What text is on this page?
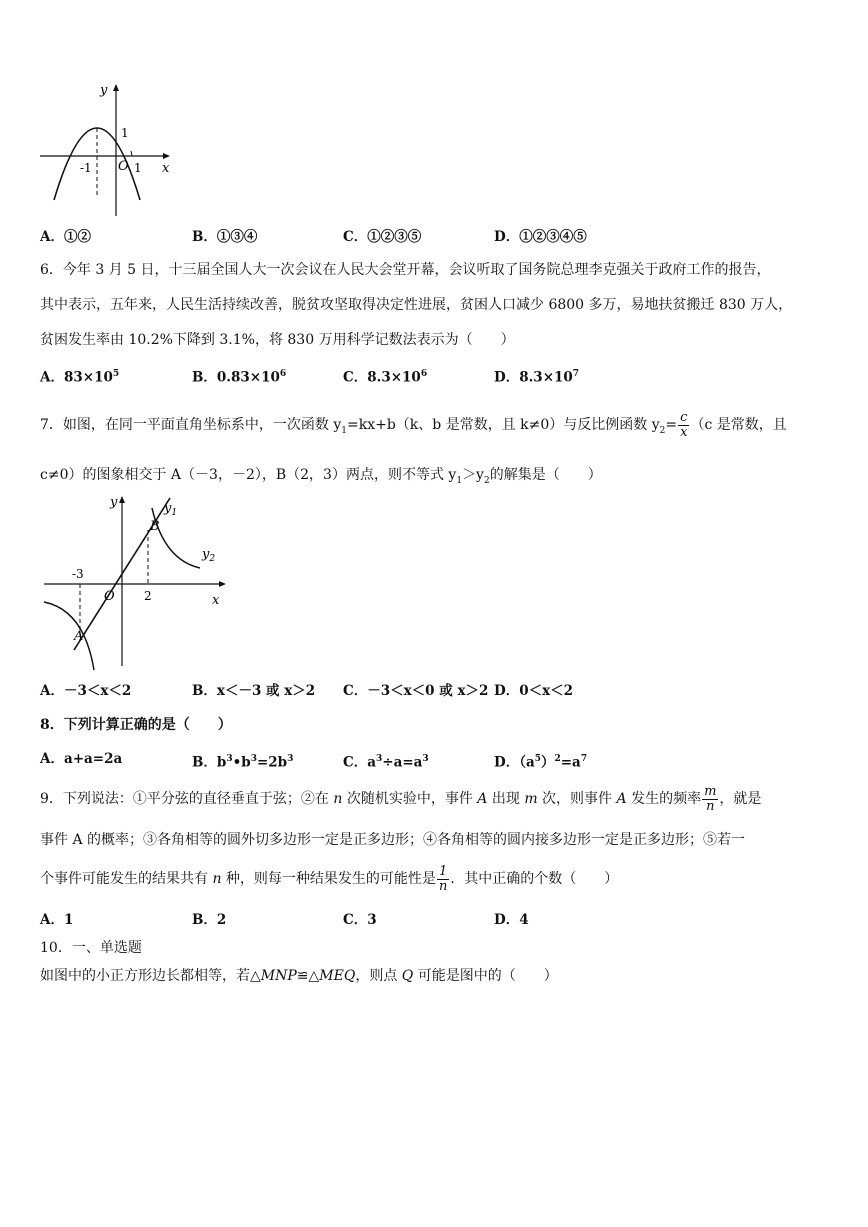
y
x
1
-1 O 1
A．①②	B．①③④	C．①②③⑤	D．①②③④⑤
6．今年 3 月 5 日，十三届全国人大一次会议在人民大会堂开幕，会议听取了国务院总理李克强关于政府工作的报告，
其中表示，五年来，人民生活持续改善，脱贫攻坚取得决定性进展，贫困人口减少 6800 多万，易地扶贫搬迁 830 万人，
贫困发生率由 10.2%下降到 3.1%，将 830 万用科学记数法表示为（　　）
A．$83\times 10^5$	B．$0.83\times 10^6$	C．$8.3\times 10^6$	D．$8.3\times 10^7$
7．如图，在同一平面直角坐标系中，一次函数 $y_1=kx+b(k$、b 是常数，且 k≠0）与反比例函数 $y_2= \frac{c}{x} (c$ 是常数，且
c≠0）的图象相交于 A（－3，－2），B（2，3）两点，则不等式 $y_1>y_2$的解集是（　　）
y
x
$y_1$
$y_2$
B
A
-3
O 2
A．－3＜x＜2	B．x＜－3 或 x＞2 C．－3＜x＜0 或 x＞2 D．0＜x＜2
8．下列计算正确的是（　　）
A．a+a=2a	B．$b^3•b^3=2b^3$	C．$a^3\div a=a^3$	D．$(a^5)^2=a^7$
9．下列说法：①平分弦的直径垂直于弦；②在 n 次随机实验中，事件 A 出现 m 次，则事件 A 发生的频率 $\frac{m}{n}$ ，就是
事件 A 的概率；③各角相等的圆外切多边形一定是正多边形；④各角相等的圆内接多边形一定是正多边形；⑤若一
个事件可能发生的结果共有 n 种，则每一种结果发生的可能性是 $\frac{1}{n}$ ．其中正确的个数（　　）
A．1	B．2	C．3	D．4
10．一、单选题
如图中的小正方形边长都相等，若△MNP≌△MEQ，则点 Q 可能是图中的（　　）
